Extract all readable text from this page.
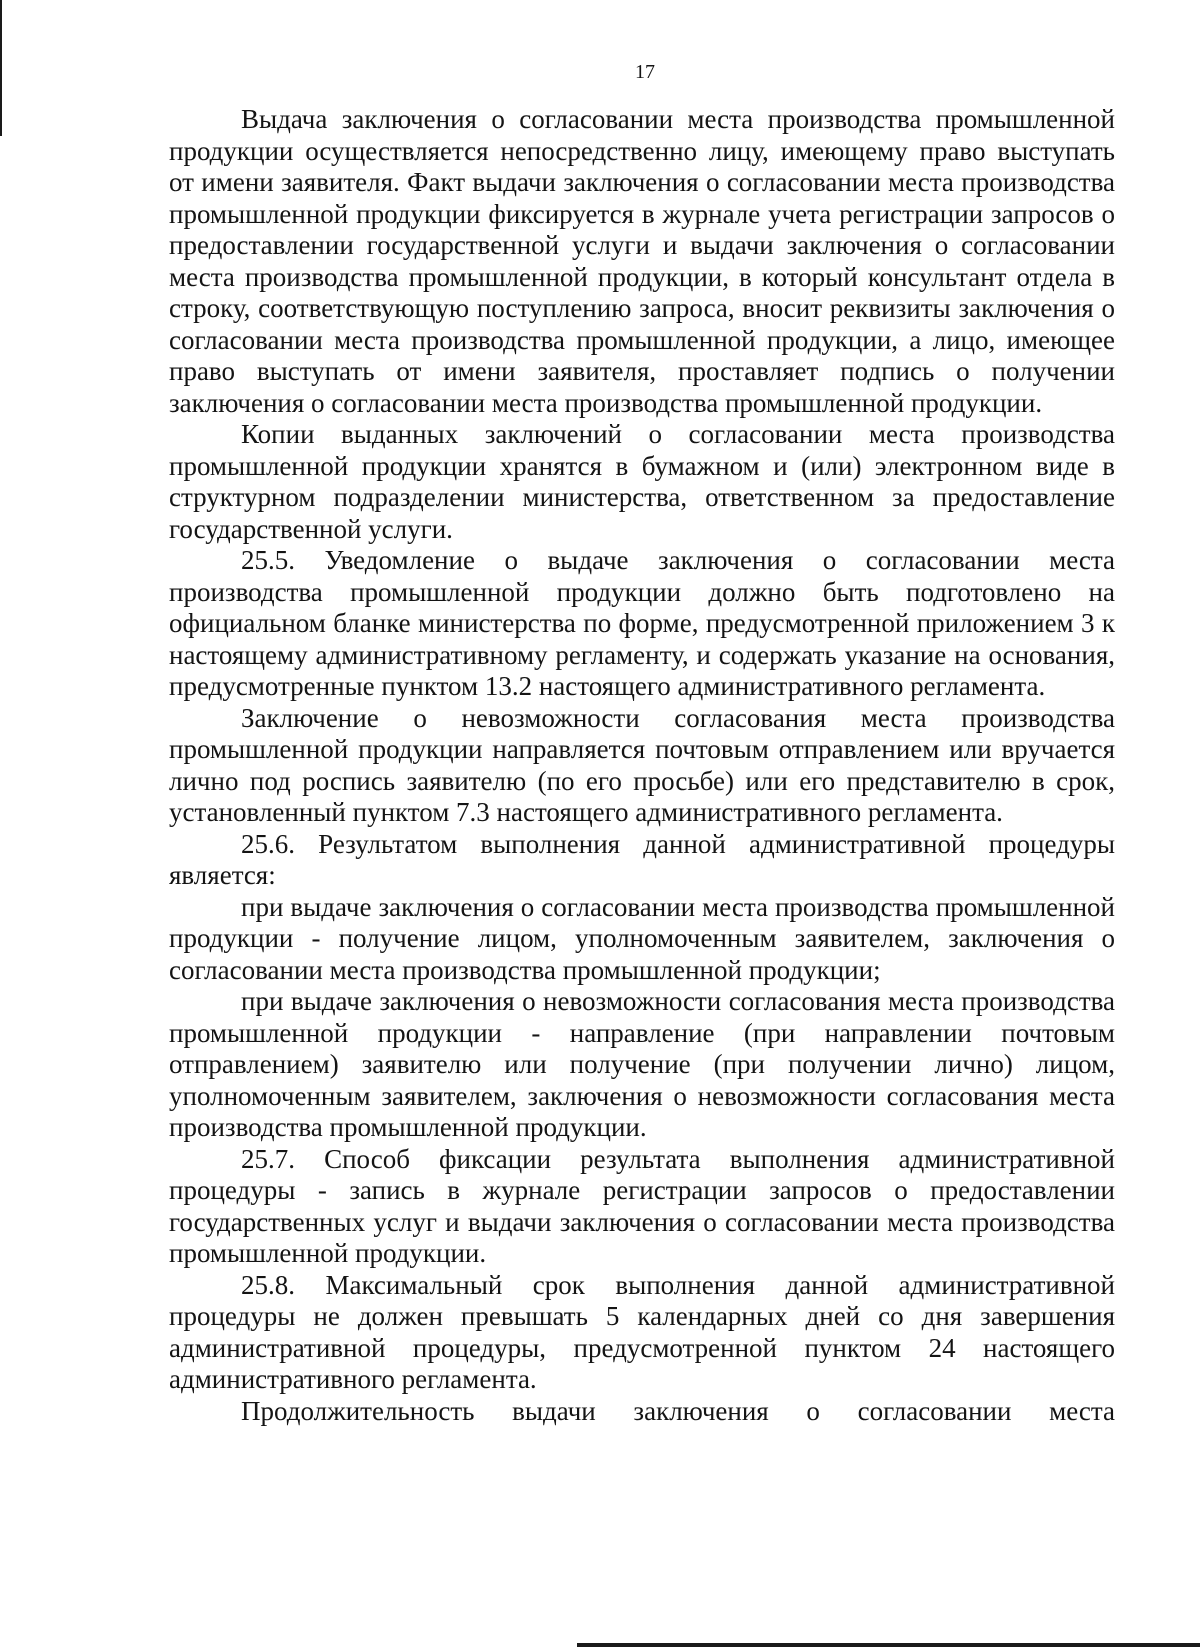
17

Выдача заключения о согласовании места производства промышленной продукции осуществляется непосредственно лицу, имеющему право выступать от имени заявителя. Факт выдачи заключения о согласовании места производства промышленной продукции фиксируется в журнале учета регистрации запросов о предоставлении государственной услуги и выдачи заключения о согласовании места производства промышленной продукции, в который консультант отдела в строку, соответствующую поступлению запроса, вносит реквизиты заключения о согласовании места производства промышленной продукции, а лицо, имеющее право выступать от имени заявителя, проставляет подпись о получении заключения о согласовании места производства промышленной продукции.

Копии выданных заключений о согласовании места производства промышленной продукции хранятся в бумажном и (или) электронном виде в структурном подразделении министерства, ответственном за предоставление государственной услуги.

25.5. Уведомление о выдаче заключения о согласовании места производства промышленной продукции должно быть подготовлено на официальном бланке министерства по форме, предусмотренной приложением 3 к настоящему административному регламенту, и содержать указание на основания, предусмотренные пунктом 13.2 настоящего административного регламента.

Заключение о невозможности согласования места производства промышленной продукции направляется почтовым отправлением или вручается лично под роспись заявителю (по его просьбе) или его представителю в срок, установленный пунктом 7.3 настоящего административного регламента.

25.6. Результатом выполнения данной административной процедуры является:

при выдаче заключения о согласовании места производства промышленной продукции - получение лицом, уполномоченным заявителем, заключения о согласовании места производства промышленной продукции;

при выдаче заключения о невозможности согласования места производства промышленной продукции - направление (при направлении почтовым отправлением) заявителю или получение (при получении лично) лицом, уполномоченным заявителем, заключения о невозможности согласования места производства промышленной продукции.

25.7. Способ фиксации результата выполнения административной процедуры - запись в журнале регистрации запросов о предоставлении государственных услуг и выдачи заключения о согласовании места производства промышленной продукции.

25.8. Максимальный срок выполнения данной административной процедуры не должен превышать 5 календарных дней со дня завершения административной процедуры, предусмотренной пунктом 24 настоящего административного регламента.

Продолжительность выдачи заключения о согласовании места
